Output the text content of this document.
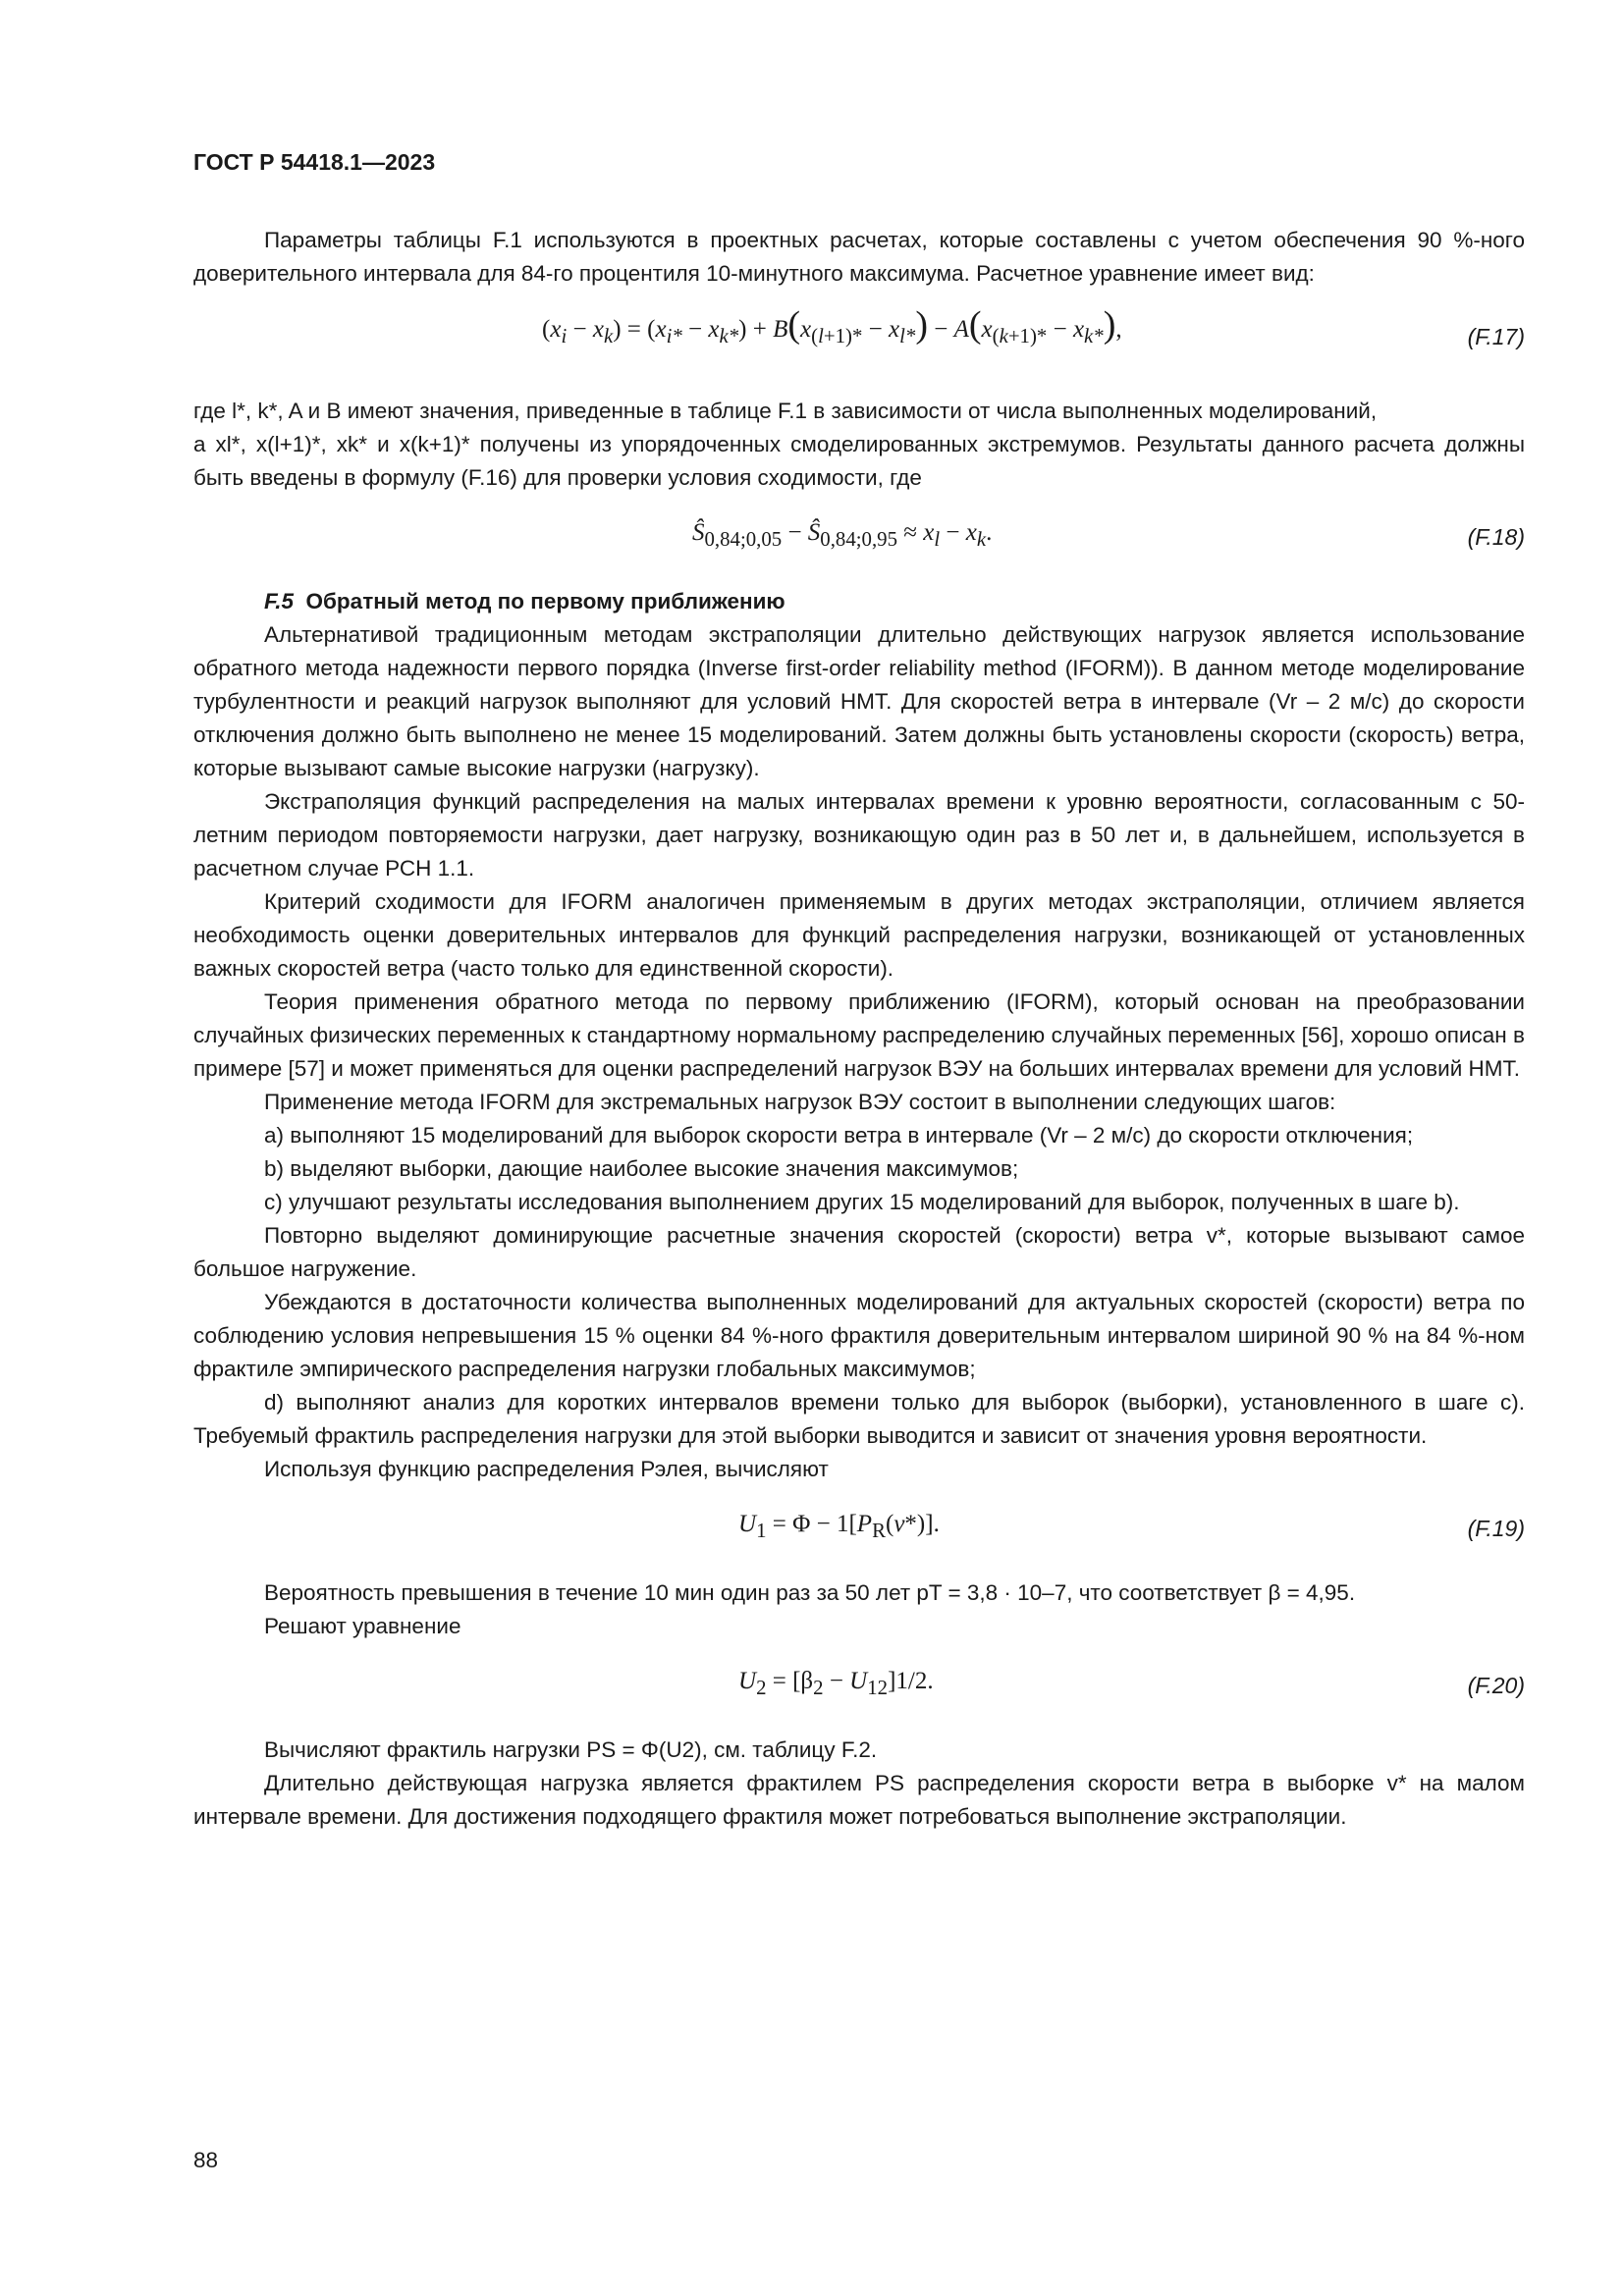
ГОСТ Р 54418.1—2023

Параметры таблицы F.1 используются в проектных расчетах, которые составлены с учетом обеспечения 90 %-ного доверительного интервала для 84-го процентиля 10-минутного максимума. Расчетное уравнение имеет вид:

$(x_i - x_k) = (x_{i*} - x_{k*}) + B(x_{(l+1)*} - x_{l*}) - A(x_{(k+1)*} - x_{k*})$,	(F.17)

где l*, k*, A и B имеют значения, приведенные в таблице F.1 в зависимости от числа выполненных моделирований,

а xl*, x(l+1)*, xk* и x(k+1)* получены из упорядоченных смоделированных экстремумов. Результаты данного расчета должны быть введены в формулу (F.16) для проверки условия сходимости, где

$Ŝ_{0,84;0,05}$ − $Ŝ_{0,84;0,95} \approx x_l - x_k$.	(F.18)

F.5 Обратный метод по первому приближению

Альтернативой традиционным методам экстраполяции длительно действующих нагрузок является использование обратного метода надежности первого порядка (Inverse first-order reliability method (IFORM)). В данном методе моделирование турбулентности и реакций нагрузок выполняют для условий НМТ. Для скоростей ветра в интервале (Vr – 2 м/с) до скорости отключения должно быть выполнено не менее 15 моделирований. Затем должны быть установлены скорости (скорость) ветра, которые вызывают самые высокие нагрузки (нагрузку).

Экстраполяция функций распределения на малых интервалах времени к уровню вероятности, согласованным с 50-летним периодом повторяемости нагрузки, дает нагрузку, возникающую один раз в 50 лет и, в дальнейшем, используется в расчетном случае РСН 1.1.

Критерий сходимости для IFORM аналогичен применяемым в других методах экстраполяции, отличием является необходимость оценки доверительных интервалов для функций распределения нагрузки, возникающей от установленных важных скоростей ветра (часто только для единственной скорости).

Теория применения обратного метода по первому приближению (IFORM), который основан на преобразовании случайных физических переменных к стандартному нормальному распределению случайных переменных [56], хорошо описан в примере [57] и может применяться для оценки распределений нагрузок ВЭУ на больших интервалах времени для условий НМТ.

Применение метода IFORM для экстремальных нагрузок ВЭУ состоит в выполнении следующих шагов:

a) выполняют 15 моделирований для выборок скорости ветра в интервале (Vr – 2 м/с) до скорости отключения;

b) выделяют выборки, дающие наиболее высокие значения максимумов;

c) улучшают результаты исследования выполнением других 15 моделирований для выборок, полученных в шаге b).

Повторно выделяют доминирующие расчетные значения скоростей (скорости) ветра v*, которые вызывают самое большое нагружение.

Убеждаются в достаточности количества выполненных моделирований для актуальных скоростей (скорости) ветра по соблюдению условия непревышения 15 % оценки 84 %-ного фрактиля доверительным интервалом шириной 90 % на 84 %-ном фрактиле эмпирического распределения нагрузки глобальных максимумов;

d) выполняют анализ для коротких интервалов времени только для выборок (выборки), установленного в шаге c). Требуемый фрактиль распределения нагрузки для этой выборки выводится и зависит от значения уровня вероятности.

Используя функцию распределения Рэлея, вычисляют

$U_1 = \Phi - 1[P_R(v*)]$.	(F.19)

Вероятность превышения в течение 10 мин один раз за 50 лет pT = 3,8 · 10–7, что соответствует β = 4,95.

Решают уравнение

$U_2 = [\beta_2 - U_{12}]1/2$.	(F.20)

Вычисляют фрактиль нагрузки PS = Φ(U2), см. таблицу F.2.

Длительно действующая нагрузка является фрактилем PS распределения скорости ветра в выборке v* на малом интервале времени. Для достижения подходящего фрактиля может потребоваться выполнение экстраполяции.

88
